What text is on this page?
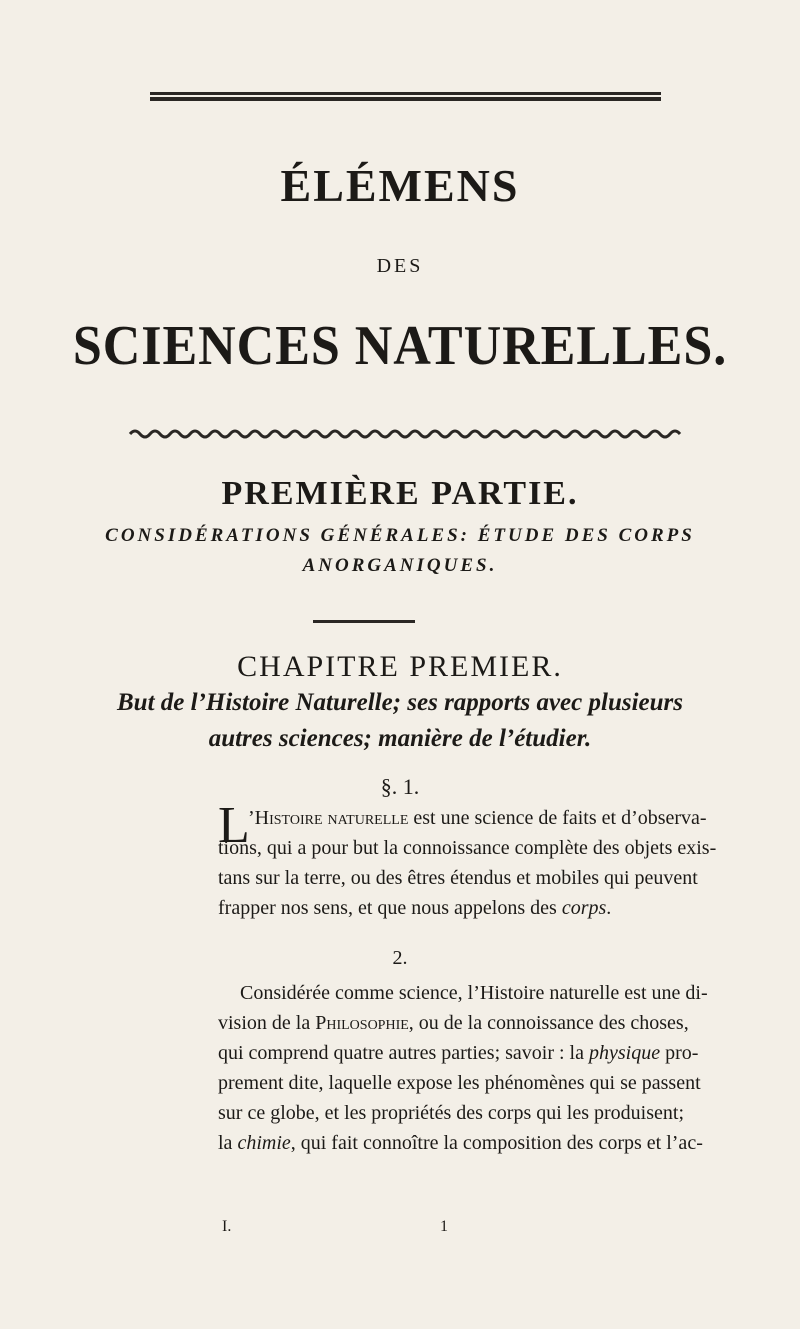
ÉLÉMENS
DES
SCIENCES NATURELLES.
PREMIÈRE PARTIE.
CONSIDÉRATIONS GÉNÉRALES: ÉTUDE DES CORPS
ANORGANIQUES.
CHAPITRE PREMIER.
But de l’Histoire Naturelle; ses rapports avec plusieurs
autres sciences; manière de l’étudier.
§. 1.
L
’Histoire naturelle est une science de faits et d’observa-
tions, qui a pour but la connoissance complète des objets exis-
tans sur la terre, ou des êtres étendus et mobiles qui peuvent
frapper nos sens, et que nous appelons des corps.
2.
Considérée comme science, l’Histoire naturelle est une di-
vision de la Philosophie, ou de la connoissance des choses,
qui comprend quatre autres parties; savoir : la physique pro-
prement dite, laquelle expose les phénomènes qui se passent
sur ce globe, et les propriétés des corps qui les produisent;
la chimie, qui fait connoître la composition des corps et l’ac-
I.	1
